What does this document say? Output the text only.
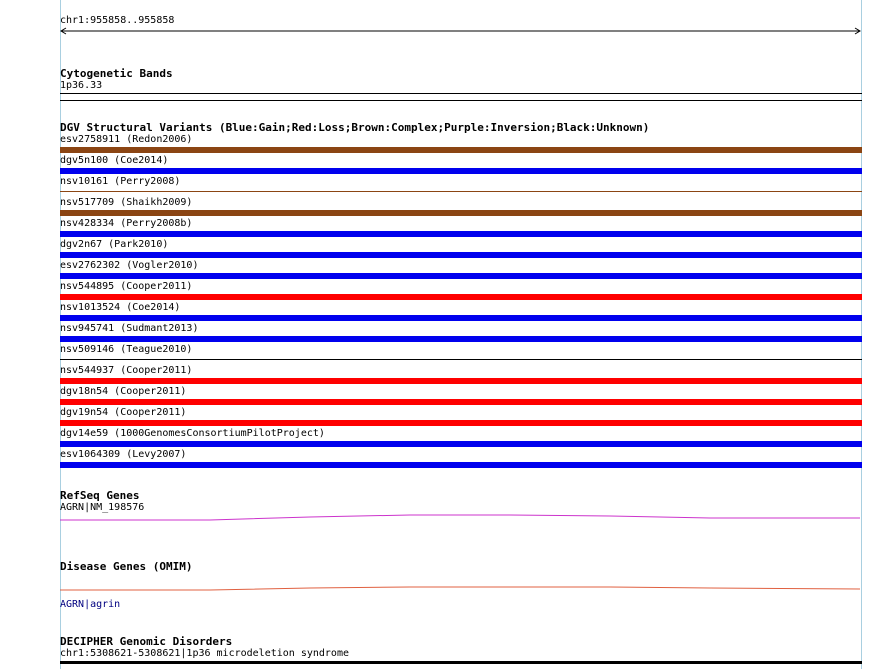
chr1:955858..955858
Cytogenetic Bands
1p36.33
DGV Structural Variants (Blue:Gain;Red:Loss;Brown:Complex;Purple:Inversion;Black:Unknown)
esv2758911 (Redon2006)
dgv5n100 (Coe2014)
nsv10161 (Perry2008)
nsv517709 (Shaikh2009)
nsv428334 (Perry2008b)
dgv2n67 (Park2010)
esv2762302 (Vogler2010)
nsv544895 (Cooper2011)
nsv1013524 (Coe2014)
nsv945741 (Sudmant2013)
nsv509146 (Teague2010)
nsv544937 (Cooper2011)
dgv18n54 (Cooper2011)
dgv19n54 (Cooper2011)
dgv14e59 (1000GenomesConsortiumPilotProject)
esv1064309 (Levy2007)
RefSeq Genes
AGRN|NM_198576
Disease Genes (OMIM)
AGRN|agrin
DECIPHER Genomic Disorders
chr1:5308621-5308621|1p36 microdeletion syndrome
